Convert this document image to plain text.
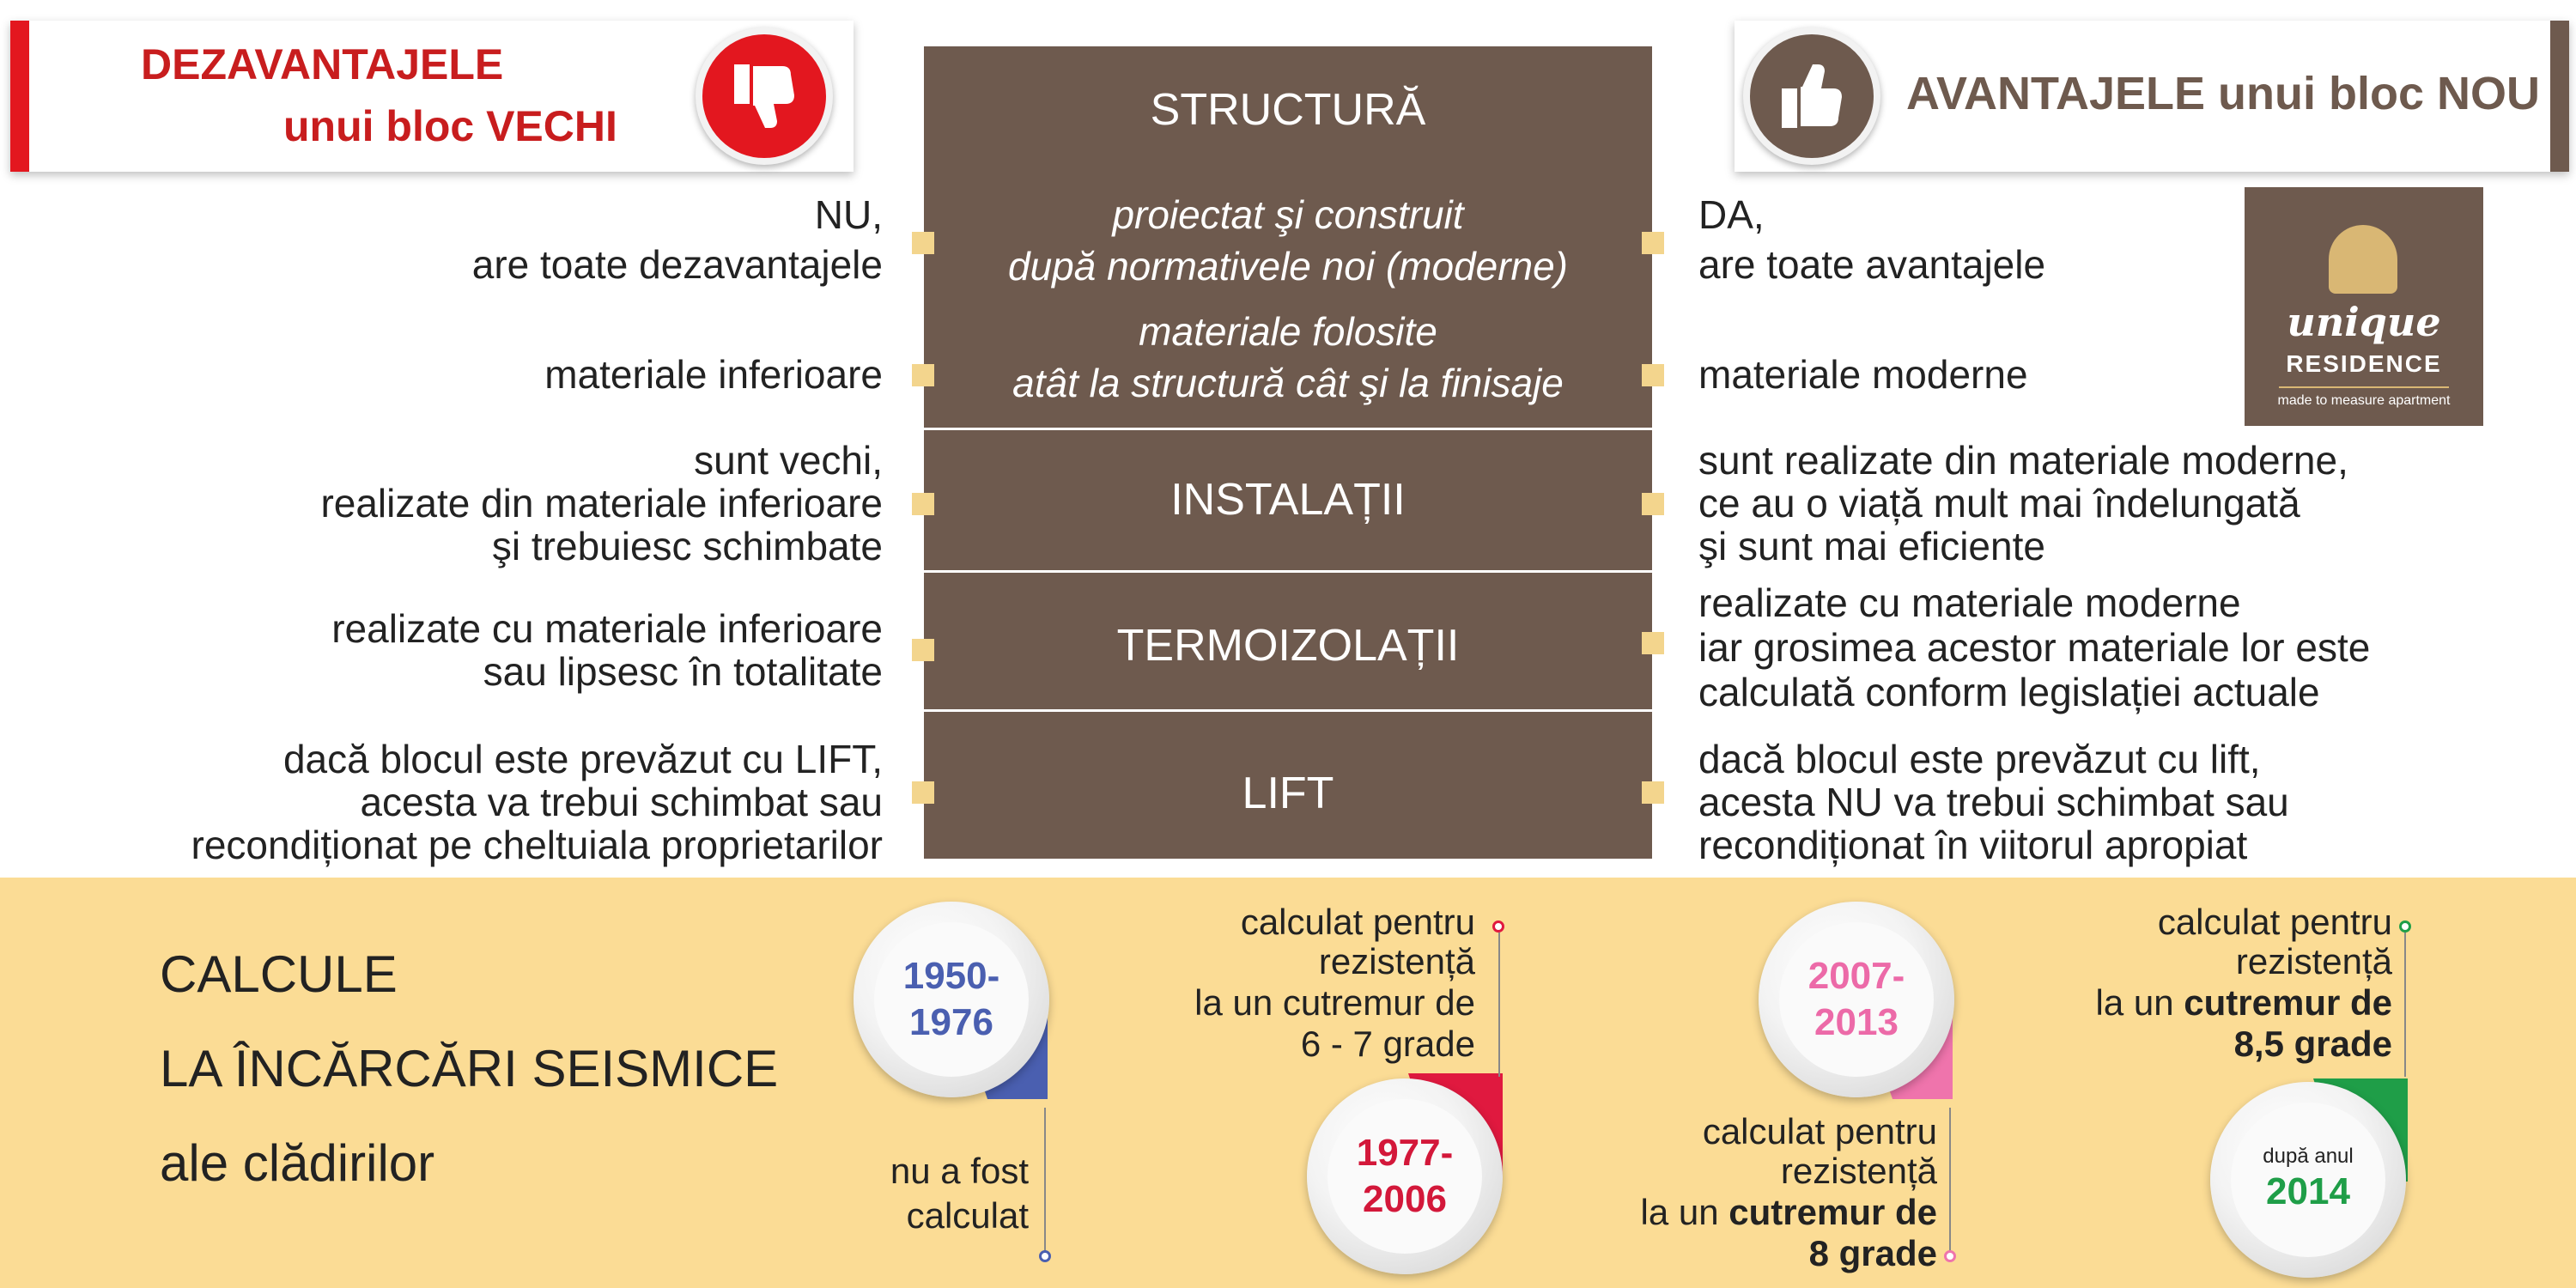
DEZAVANTAJELE
unui bloc VECHI
AVANTAJELE unui bloc NOU
STRUCTURĂ
proiectat şi construit
după normativele noi (moderne)
materiale folosite
atât la structură cât şi la finisaje
INSTALAȚII
TERMOIZOLAȚII
LIFT
NU,
are toate dezavantajele
materiale inferioare
sunt vechi,
realizate din materiale inferioare
şi trebuiesc schimbate
realizate cu materiale inferioare
sau lipsesc în totalitate
dacă blocul este prevăzut cu LIFT,
acesta va trebui schimbat sau
recondiționat pe cheltuiala proprietarilor
DA,
are toate avantajele
materiale moderne
sunt realizate din materiale moderne,
ce au o viață mult mai îndelungată
şi sunt mai eficiente
realizate cu materiale moderne
iar grosimea acestor materiale lor este
calculată conform legislației actuale
dacă blocul este prevăzut cu lift,
acesta NU va trebui schimbat sau
recondiționat în viitorul apropiat
unique
RESIDENCE
made to measure apartment
CALCULE
LA ÎNCĂRCĂRI SEISMICE
ale clădirilor
1950-
1976
nu a fost
calculat
1977-
2006
calculat pentru
rezistență
la un cutremur de
6 - 7 grade
2007-
2013
calculat pentru
rezistență
la un cutremur de
8 grade
după anul
2014
calculat pentru
rezistență
la un cutremur de
8,5 grade
